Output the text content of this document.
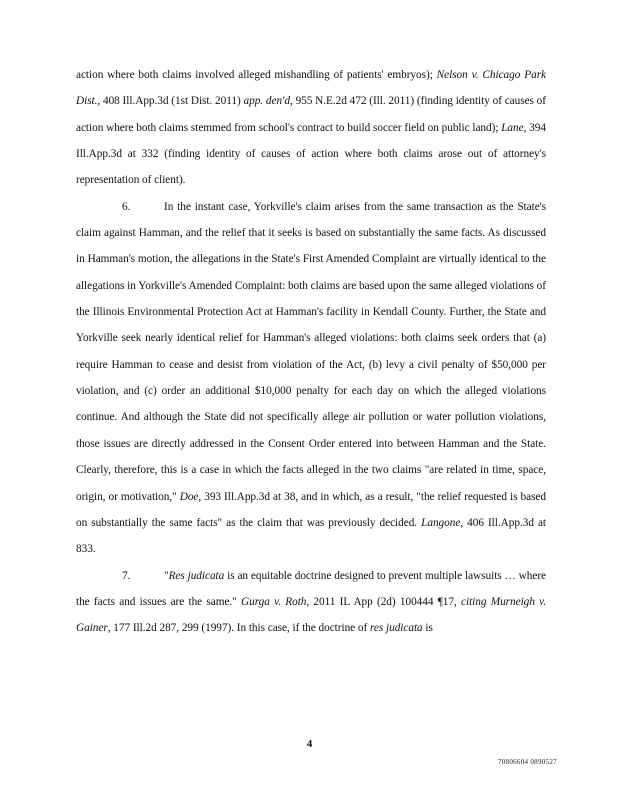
action where both claims involved alleged mishandling of patients' embryos); Nelson v. Chicago Park Dist., 408 Ill.App.3d (1st Dist. 2011) app. den'd, 955 N.E.2d 472 (Ill. 2011) (finding identity of causes of action where both claims stemmed from school's contract to build soccer field on public land); Lane, 394 Ill.App.3d at 332 (finding identity of causes of action where both claims arose out of attorney's representation of client).

6.	In the instant case, Yorkville's claim arises from the same transaction as the State's claim against Hamman, and the relief that it seeks is based on substantially the same facts. As discussed in Hamman's motion, the allegations in the State's First Amended Complaint are virtually identical to the allegations in Yorkville's Amended Complaint: both claims are based upon the same alleged violations of the Illinois Environmental Protection Act at Hamman's facility in Kendall County. Further, the State and Yorkville seek nearly identical relief for Hamman's alleged violations: both claims seek orders that (a) require Hamman to cease and desist from violation of the Act, (b) levy a civil penalty of $50,000 per violation, and (c) order an additional $10,000 penalty for each day on which the alleged violations continue. And although the State did not specifically allege air pollution or water pollution violations, those issues are directly addressed in the Consent Order entered into between Hamman and the State. Clearly, therefore, this is a case in which the facts alleged in the two claims "are related in time, space, origin, or motivation," Doe, 393 Ill.App.3d at 38, and in which, as a result, "the relief requested is based on substantially the same facts" as the claim that was previously decided. Langone, 406 Ill.App.3d at 833.

7.	"Res judicata is an equitable doctrine designed to prevent multiple lawsuits … where the facts and issues are the same." Gurga v. Roth, 2011 IL App (2d) 100444 ¶17, citing Murneigh v. Gainer, 177 Ill.2d 287, 299 (1997). In this case, if the doctrine of res judicata is

4
70806604 0890527
